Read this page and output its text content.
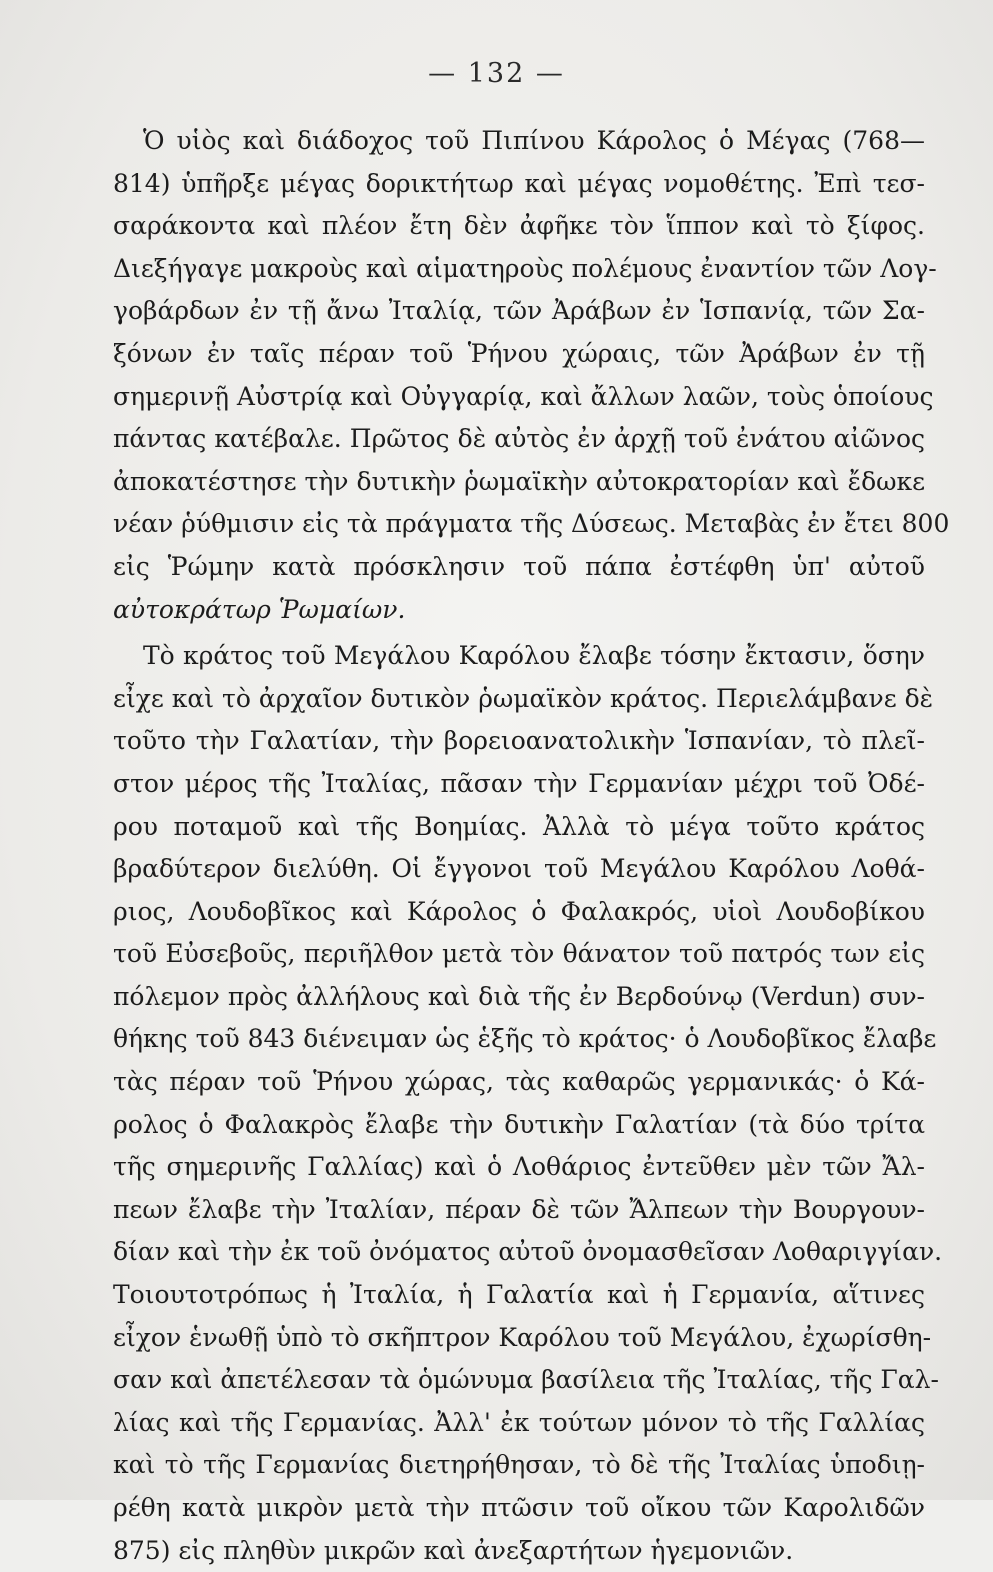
— 132 —
Ὁ υἱὸς καὶ διάδοχος τοῦ Πιπίνου Κάρολος ὁ Μέγας (768—
814) ὑπῆρξε μέγας δορικτήτωρ καὶ μέγας νομοθέτης. Ἐπὶ τεσ-
σαράκοντα καὶ πλέον ἔτη δὲν ἀφῆκε τὸν ἵππον καὶ τὸ ξίφος.
Διεξήγαγε μακροὺς καὶ αἱματηροὺς πολέμους ἐναντίον τῶν Λογ-
γοβάρδων ἐν τῇ ἄνω Ἰταλίᾳ, τῶν Ἀράβων ἐν Ἱσπανίᾳ, τῶν Σα-
ξόνων ἐν ταῖς πέραν τοῦ Ῥήνου χώραις, τῶν Ἀράβων ἐν τῇ
σημερινῇ Αὐστρίᾳ καὶ Οὐγγαρίᾳ, καὶ ἄλλων λαῶν, τοὺς ὁποίους
πάντας κατέβαλε. Πρῶτος δὲ αὐτὸς ἐν ἀρχῇ τοῦ ἐνάτου αἰῶνος
ἀποκατέστησε τὴν δυτικὴν ῥωμαϊκὴν αὐτοκρατορίαν καὶ ἔδωκε
νέαν ῥύθμισιν εἰς τὰ πράγματα τῆς Δύσεως. Μεταβὰς ἐν ἔτει 800
εἰς Ῥώμην κατὰ πρόσκλησιν τοῦ πάπα ἐστέφθη ὑπ' αὐτοῦ
αὐτοκράτωρ Ῥωμαίων.
Τὸ κράτος τοῦ Μεγάλου Καρόλου ἔλαβε τόσην ἔκτασιν, ὅσην
εἶχε καὶ τὸ ἀρχαῖον δυτικὸν ῥωμαϊκὸν κράτος. Περιελάμβανε δὲ
τοῦτο τὴν Γαλατίαν, τὴν βορειοανατολικὴν Ἱσπανίαν, τὸ πλεῖ-
στον μέρος τῆς Ἰταλίας, πᾶσαν τὴν Γερμανίαν μέχρι τοῦ Ὀδέ-
ρου ποταμοῦ καὶ τῆς Βοημίας. Ἀλλὰ τὸ μέγα τοῦτο κράτος
βραδύτερον διελύθη. Οἱ ἔγγονοι τοῦ Μεγάλου Καρόλου Λοθά-
ριος, Λουδοβῖκος καὶ Κάρολος ὁ Φαλακρός, υἱοὶ Λουδοβίκου
τοῦ Εὐσεβοῦς, περιῆλθον μετὰ τὸν θάνατον τοῦ πατρός των εἰς
πόλεμον πρὸς ἀλλήλους καὶ διὰ τῆς ἐν Βερδούνῳ (Verdun) συν-
θήκης τοῦ 843 διένειμαν ὡς ἑξῆς τὸ κράτος· ὁ Λουδοβῖκος ἔλαβε
τὰς πέραν τοῦ Ῥήνου χώρας, τὰς καθαρῶς γερμανικάς· ὁ Κά-
ρολος ὁ Φαλακρὸς ἔλαβε τὴν δυτικὴν Γαλατίαν (τὰ δύο τρίτα
τῆς σημερινῆς Γαλλίας) καὶ ὁ Λοθάριος ἐντεῦθεν μὲν τῶν Ἄλ-
πεων ἔλαβε τὴν Ἰταλίαν, πέραν δὲ τῶν Ἄλπεων τὴν Βουργουν-
δίαν καὶ τὴν ἐκ τοῦ ὀνόματος αὐτοῦ ὀνομασθεῖσαν Λοθαριγγίαν.
Τοιουτοτρόπως ἡ Ἰταλία, ἡ Γαλατία καὶ ἡ Γερμανία, αἵτινες
εἶχον ἑνωθῇ ὑπὸ τὸ σκῆπτρον Καρόλου τοῦ Μεγάλου, ἐχωρίσθη-
σαν καὶ ἀπετέλεσαν τὰ ὁμώνυμα βασίλεια τῆς Ἰταλίας, τῆς Γαλ-
λίας καὶ τῆς Γερμανίας. Ἀλλ' ἐκ τούτων μόνον τὸ τῆς Γαλλίας
καὶ τὸ τῆς Γερμανίας διετηρήθησαν, τὸ δὲ τῆς Ἰταλίας ὑποδιῃ-
ρέθη κατὰ μικρὸν μετὰ τὴν πτῶσιν τοῦ οἴκου τῶν Καρολιδῶν
875) εἰς πληθὺν μικρῶν καὶ ἀνεξαρτήτων ἡγεμονιῶν.
